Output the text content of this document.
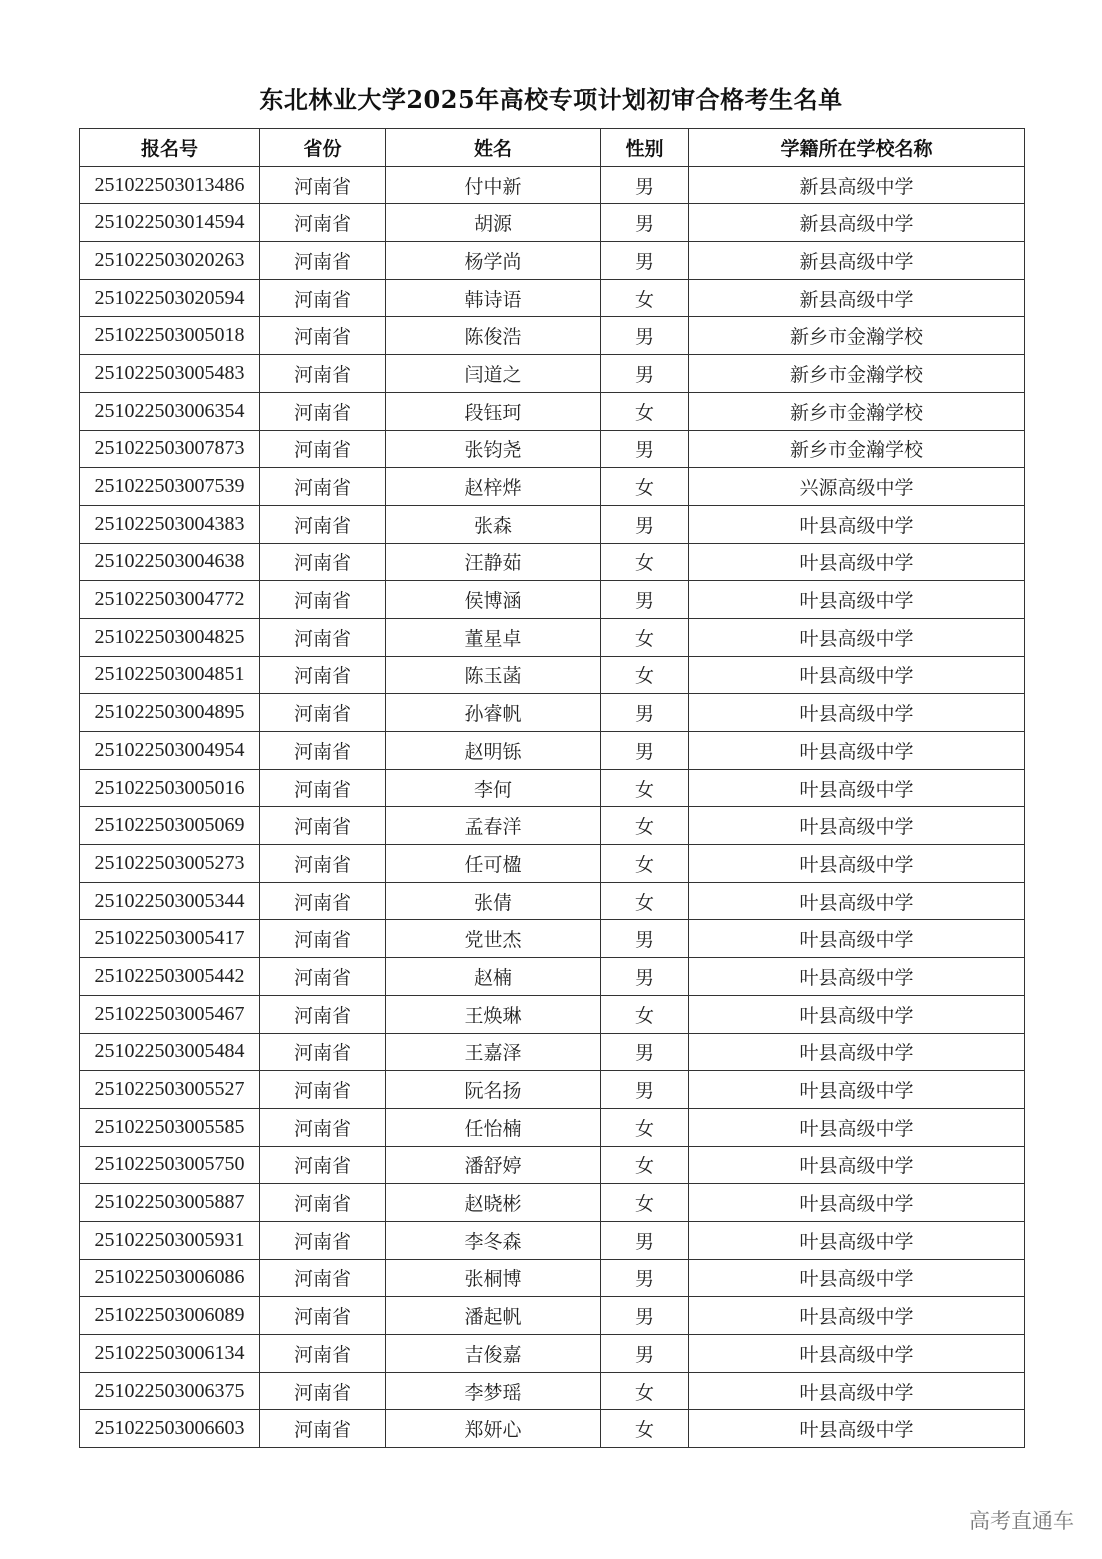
东北林业大学2025年高校专项计划初审合格考生名单
报名号	省份	姓名	性别	学籍所在学校名称
251022503013486	河南省	付中新	男	新县高级中学
251022503014594	河南省	胡源	男	新县高级中学
251022503020263	河南省	杨学尚	男	新县高级中学
251022503020594	河南省	韩诗语	女	新县高级中学
251022503005018	河南省	陈俊浩	男	新乡市金瀚学校
251022503005483	河南省	闫道之	男	新乡市金瀚学校
251022503006354	河南省	段钰珂	女	新乡市金瀚学校
251022503007873	河南省	张钧尧	男	新乡市金瀚学校
251022503007539	河南省	赵梓烨	女	兴源高级中学
251022503004383	河南省	张森	男	叶县高级中学
251022503004638	河南省	汪静茹	女	叶县高级中学
251022503004772	河南省	侯博涵	男	叶县高级中学
251022503004825	河南省	董星卓	女	叶县高级中学
251022503004851	河南省	陈玉菡	女	叶县高级中学
251022503004895	河南省	孙睿帆	男	叶县高级中学
251022503004954	河南省	赵明铄	男	叶县高级中学
251022503005016	河南省	李何	女	叶县高级中学
251022503005069	河南省	孟春洋	女	叶县高级中学
251022503005273	河南省	任可楹	女	叶县高级中学
251022503005344	河南省	张倩	女	叶县高级中学
251022503005417	河南省	党世杰	男	叶县高级中学
251022503005442	河南省	赵楠	男	叶县高级中学
251022503005467	河南省	王焕琳	女	叶县高级中学
251022503005484	河南省	王嘉泽	男	叶县高级中学
251022503005527	河南省	阮名扬	男	叶县高级中学
251022503005585	河南省	任怡楠	女	叶县高级中学
251022503005750	河南省	潘舒婷	女	叶县高级中学
251022503005887	河南省	赵晓彬	女	叶县高级中学
251022503005931	河南省	李冬森	男	叶县高级中学
251022503006086	河南省	张桐博	男	叶县高级中学
251022503006089	河南省	潘起帆	男	叶县高级中学
251022503006134	河南省	吉俊嘉	男	叶县高级中学
251022503006375	河南省	李梦瑶	女	叶县高级中学
251022503006603	河南省	郑妍心	女	叶县高级中学
高考直通车
